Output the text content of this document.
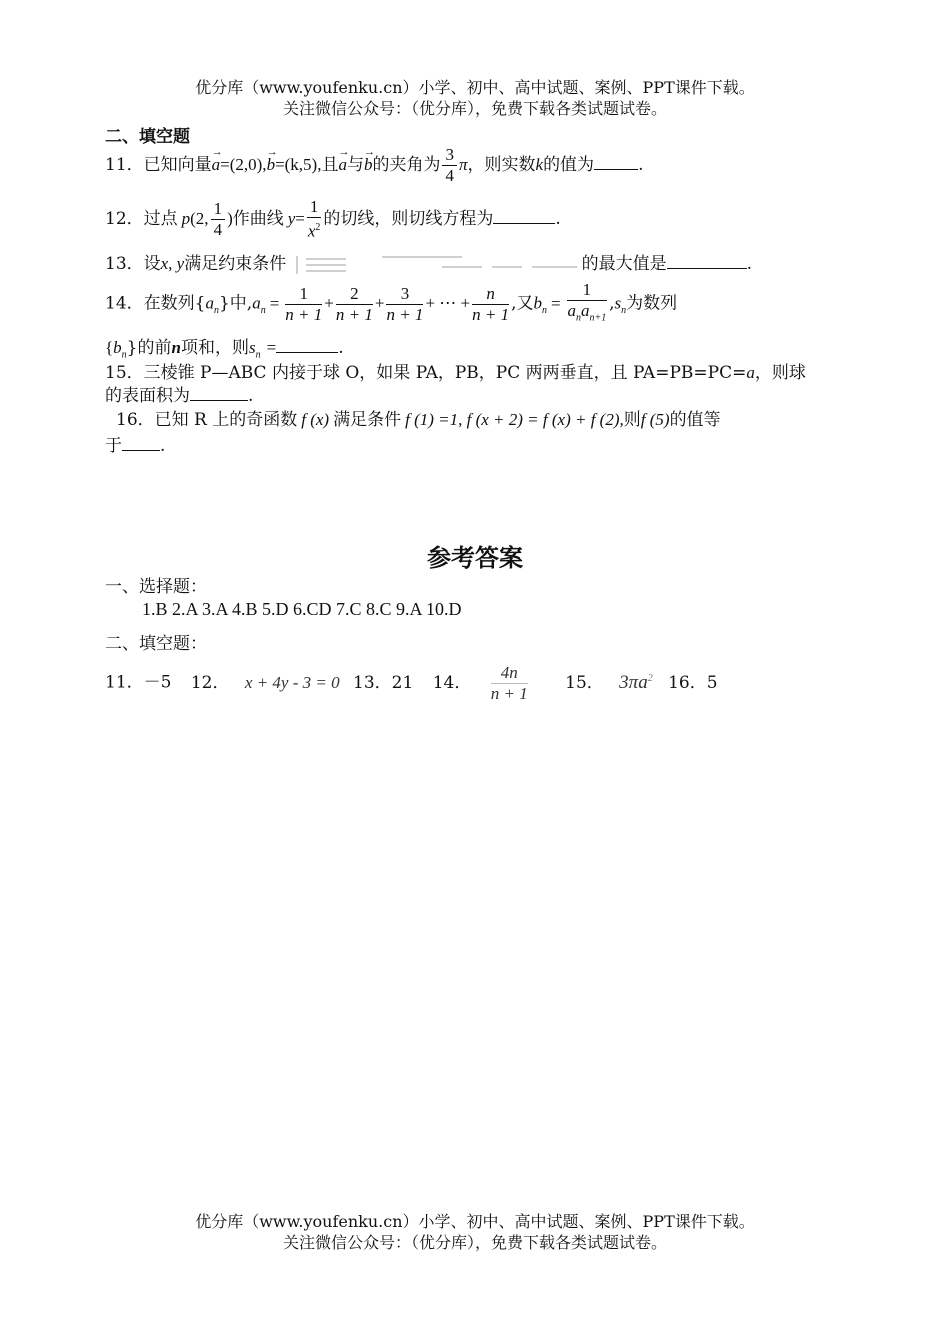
优分库（www.youfenku.cn）小学、初中、高中试题、案例、PPT课件下载。
关注微信公众号：（优分库），免费下载各类试题试卷。
二、填空题
11．已知向量→ a=(2,0),→ b=(k,5),且→ a与→ b的夹角为 $\frac{3}{4}$ π，则实数k的值为	.
12．过点 p(2, $\frac{1}{4}$ )作曲线 $y= \frac{1}{x^2}$ 的切线，则切线方程为	.
13．设x, y满足约束条件	的最大值是	.
14．在数列$\{a_n\}$中$,a_n = \frac{1}{n + 1} + \frac{2}{n + 1} + \frac{3}{n + 1}$ + ⋯ + $\frac{n}{n + 1}$ ,又$b_n = \frac{1}{a_na_{n+1}} ,s_n$为数列
$\{b_n\}$的前n项和，则$s_n$ =	.
15．三棱锥 P—ABC 内接于球 O，如果 PA，PB，PC 两两垂直，且 PA=PB=PC=a，则球
的表面积为	.
16．已知 R 上的奇函数 f (x) 满足条件 f (1) =1, f (x + 2) = f (x) + f (2),则f (5)的值等
于 .
参考答案
一、选择题：
1.B 2.A 3.A 4.B 5.D 6.CD 7.C 8.C 9.A 10.D
二、填空题：
11．－5 12． x + 4y - 3 = 0 13．21 14． $\frac{4n}{n + 1} 15$． $3\pi a^2$ 16．5
优分库（www.youfenku.cn）小学、初中、高中试题、案例、PPT课件下载。
关注微信公众号：（优分库），免费下载各类试题试卷。
